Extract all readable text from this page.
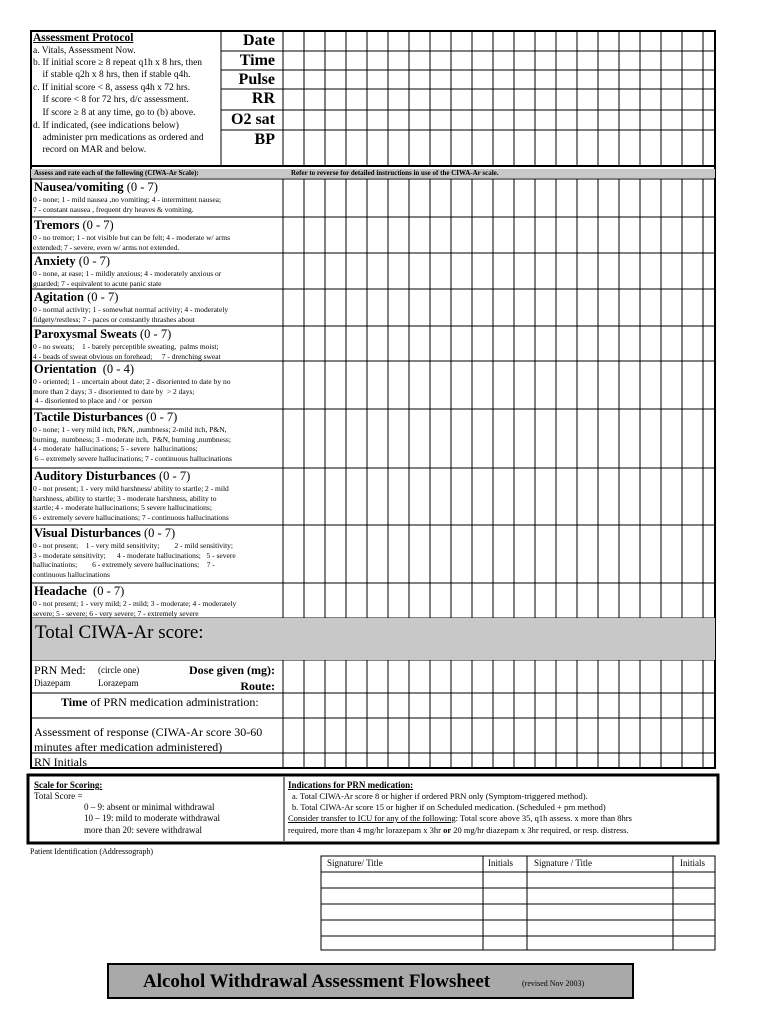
Assessment Protocol
a. Vitals, Assessment Now.
b. If initial score ≥ 8 repeat q1h x 8 hrs, then
if stable q2h x 8 hrs, then if stable q4h.
c. If initial score < 8, assess q4h x 72 hrs.
If score < 8 for 72 hrs, d/c assessment.
If score ≥ 8 at any time, go to (b) above.
d. If indicated, (see indications below)
administer prn medications as ordered and
record on MAR and below.
Date
Time
Pulse
RR
O2 sat
BP
Assess and rate each of the following (CIWA-Ar Scale):	Refer to reverse for detailed instructions in use of the CIWA-Ar scale.
Nausea/vomiting (0 - 7)
0 - none; 1 - mild nausea ,no vomiting; 4 - intermittent nausea;
7 - constant nausea , frequent dry heaves & vomiting.
Tremors (0 - 7)
0 - no tremor; 1 - not visible but can be felt; 4 - moderate w/ arms
extended; 7 - severe, even w/ arms not extended.
Anxiety (0 - 7)
0 - none, at ease; 1 - mildly anxious; 4 - moderately anxious or
guarded; 7 - equivalent to acute panic state
Agitation (0 - 7)
0 - normal activity; 1 - somewhat normal activity; 4 - moderately
fidgety/restless; 7 - paces or constantly thrashes about
Paroxysmal Sweats (0 - 7)
0 - no sweats;    1 - barely perceptible sweating,  palms moist;
4 - beads of sweat obvious on forehead;     7 - drenching sweat
Orientation  (0 - 4)
0 - oriented; 1 - uncertain about date; 2 - disoriented to date by no
more than 2 days; 3 - disoriented to date by  > 2 days;
4 - disoriented to place and / or  person
Tactile Disturbances (0 - 7)
0 - none; 1 - very mild itch, P&N, ,numbness; 2-mild itch, P&N,
burning,  numbness; 3 - moderate itch,  P&N, burning ,numbness;
4 - moderate  hallucinations; 5 - severe  hallucinations;
6 – extremely severe hallucinations; 7 - continuous hallucinations
Auditory Disturbances (0 - 7)
0 - not present; 1 - very mild harshness/ ability to startle; 2 - mild
harshness, ability to startle; 3 - moderate harshness, ability to
startle; 4 - moderate hallucinations; 5 severe hallucinations;
6 - extremely severe hallucinations; 7 - continuous hallucinations
Visual Disturbances (0 - 7)
0 - not present;    1 - very mild sensitivity;        2 - mild sensitivity;
3 - moderate sensitivity;      4 - moderate hallucinations;   5 - severe
hallucinations;        6 - extremely severe hallucinations;    7 -
continuous hallucinations
Headache  (0 - 7)
0 - not present; 1 - very mild; 2 - mild; 3 - moderate; 4 - moderately
severe; 5 - severe; 6 - very severe; 7 - extremely severe
Total CIWA-Ar score:
PRN Med: (circle one)
Diazepam	Lorazepam
Dose given (mg):
Route:
Time of PRN medication administration:
Assessment of response (CIWA-Ar score 30-60
minutes after medication administered)
RN Initials
Scale for Scoring:
Total Score =
0 – 9: absent or minimal withdrawal
10 – 19: mild to moderate withdrawal
more than 20: severe withdrawal
Indications for PRN medication:
a. Total CIWA-Ar score 8 or higher if ordered PRN only (Symptom-triggered method).
b. Total CIWA-Ar score 15 or higher if on Scheduled medication. (Scheduled + prn method)
Consider transfer to ICU for any of the following: Total score above 35, q1h assess. x more than 8hrs
required, more than 4 mg/hr lorazepam x 3hr or 20 mg/hr diazepam x 3hr required, or resp. distress.
Patient Identification (Addressograph)
Signature/ Title	Initials Signature / Title	Initials
Alcohol Withdrawal Assessment Flowsheet	(revised Nov 2003)
